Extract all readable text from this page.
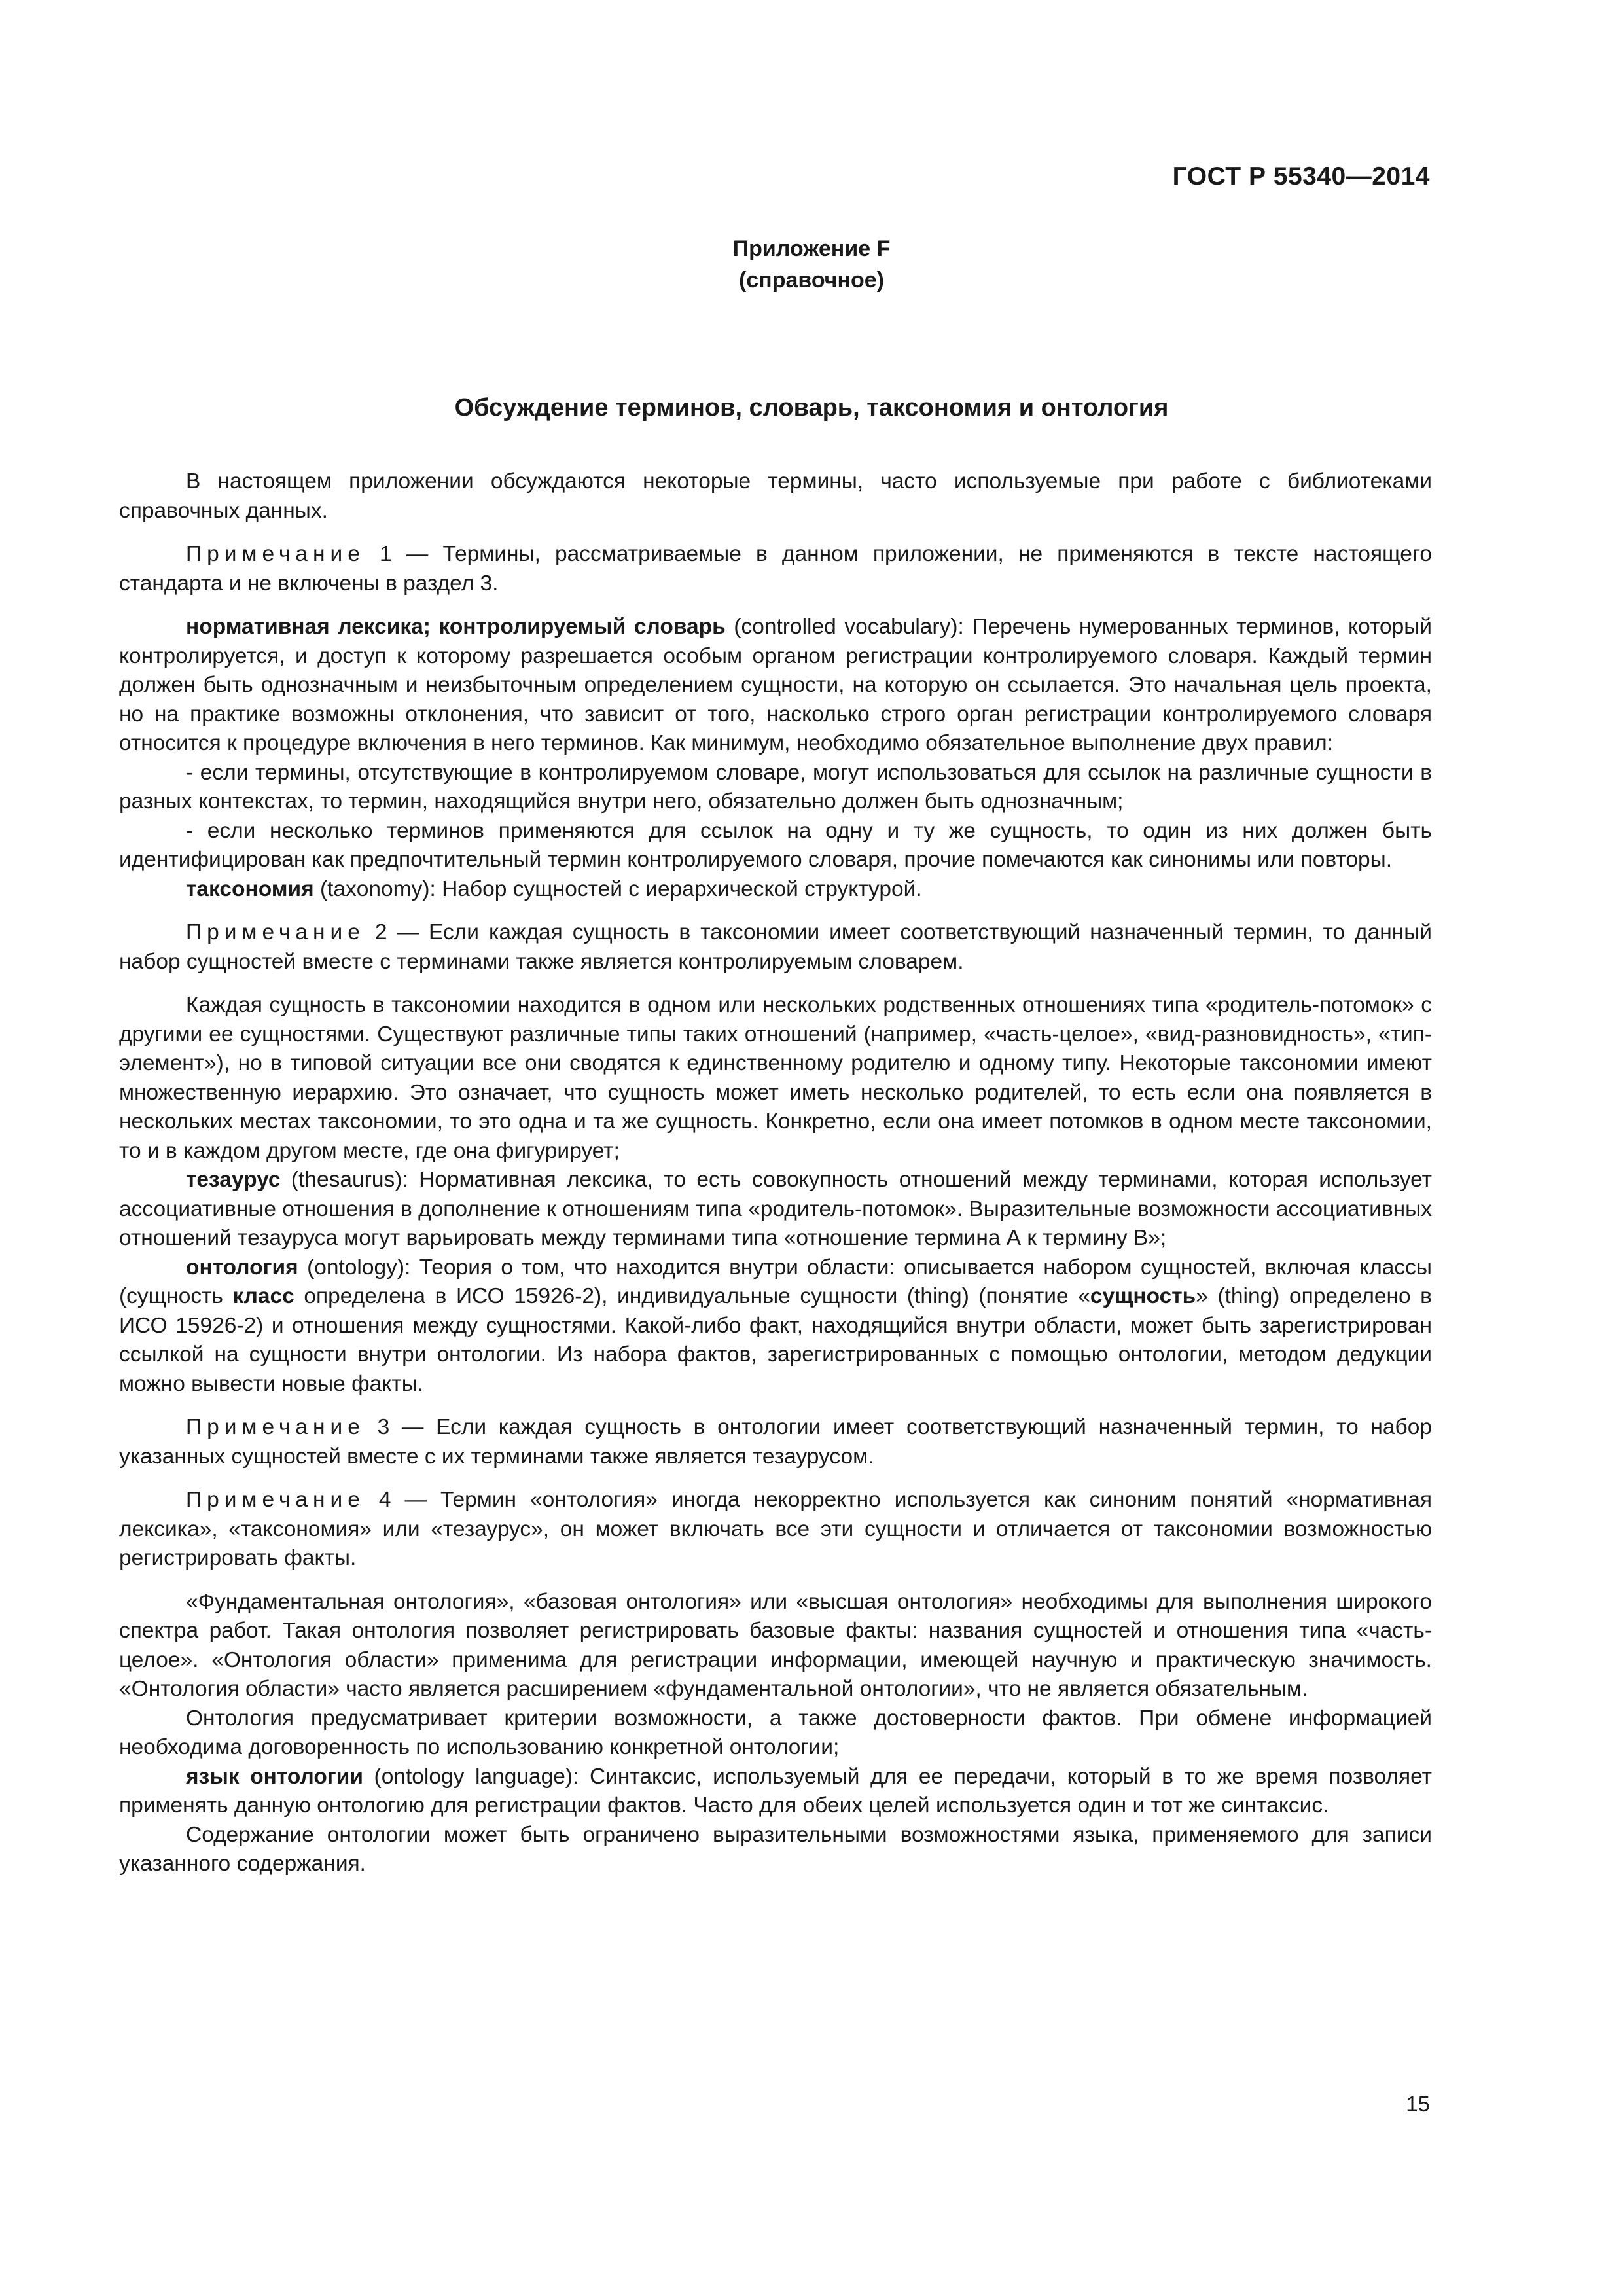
ГОСТ Р 55340—2014
Приложение F
(справочное)
Обсуждение терминов, словарь, таксономия и онтология

В настоящем приложении обсуждаются некоторые термины, часто используемые при работе с библиотеками справочных данных.

Примечание 1 — Термины, рассматриваемые в данном приложении, не применяются в тексте настоящего стандарта и не включены в раздел 3.

нормативная лексика; контролируемый словарь (controlled vocabulary): Перечень нумерованных терминов, который контролируется, и доступ к которому разрешается особым органом регистрации контролируемого словаря. Каждый термин должен быть однозначным и неизбыточным определением сущности, на которую он ссылается. Это начальная цель проекта, но на практике возможны отклонения, что зависит от того, насколько строго орган регистрации контролируемого словаря относится к процедуре включения в него терминов. Как минимум, необходимо обязательное выполнение двух правил:

- если термины, отсутствующие в контролируемом словаре, могут использоваться для ссылок на различные сущности в разных контекстах, то термин, находящийся внутри него, обязательно должен быть однозначным;

- если несколько терминов применяются для ссылок на одну и ту же сущность, то один из них должен быть идентифицирован как предпочтительный термин контролируемого словаря, прочие помечаются как синонимы или повторы.

таксономия (taxonomy): Набор сущностей с иерархической структурой.

Примечание 2 — Если каждая сущность в таксономии имеет соответствующий назначенный термин, то данный набор сущностей вместе с терминами также является контролируемым словарем.

Каждая сущность в таксономии находится в одном или нескольких родственных отношениях типа «родитель-потомок» с другими ее сущностями. Существуют различные типы таких отношений (например, «часть-целое», «вид-разновидность», «тип-элемент»), но в типовой ситуации все они сводятся к единственному родителю и одному типу. Некоторые таксономии имеют множественную иерархию. Это означает, что сущность может иметь несколько родителей, то есть если она появляется в нескольких местах таксономии, то это одна и та же сущность. Конкретно, если она имеет потомков в одном месте таксономии, то и в каждом другом месте, где она фигурирует;

тезаурус (thesaurus): Нормативная лексика, то есть совокупность отношений между терминами, которая использует ассоциативные отношения в дополнение к отношениям типа «родитель-потомок». Выразительные возможности ассоциативных отношений тезауруса могут варьировать между терминами типа «отношение термина А к термину В»;

онтология (ontology): Теория о том, что находится внутри области: описывается набором сущностей, включая классы (сущность класс определена в ИСО 15926-2), индивидуальные сущности (thing) (понятие «сущность» (thing) определено в ИСО 15926-2) и отношения между сущностями. Какой-либо факт, находящийся внутри области, может быть зарегистрирован ссылкой на сущности внутри онтологии. Из набора фактов, зарегистрированных с помощью онтологии, методом дедукции можно вывести новые факты.

Примечание 3 — Если каждая сущность в онтологии имеет соответствующий назначенный термин, то набор указанных сущностей вместе с их терминами также является тезаурусом.

Примечание 4 — Термин «онтология» иногда некорректно используется как синоним понятий «нормативная лексика», «таксономия» или «тезаурус», он может включать все эти сущности и отличается от таксономии возможностью регистрировать факты.

«Фундаментальная онтология», «базовая онтология» или «высшая онтология» необходимы для выполнения широкого спектра работ. Такая онтология позволяет регистрировать базовые факты: названия сущностей и отношения типа «часть-целое». «Онтология области» применима для регистрации информации, имеющей научную и практическую значимость. «Онтология области» часто является расширением «фундаментальной онтологии», что не является обязательным.

Онтология предусматривает критерии возможности, а также достоверности фактов. При обмене информацией необходима договоренность по использованию конкретной онтологии;

язык онтологии (ontology language): Синтаксис, используемый для ее передачи, который в то же время позволяет применять данную онтологию для регистрации фактов. Часто для обеих целей используется один и тот же синтаксис.

Содержание онтологии может быть ограничено выразительными возможностями языка, применяемого для записи указанного содержания.

15
